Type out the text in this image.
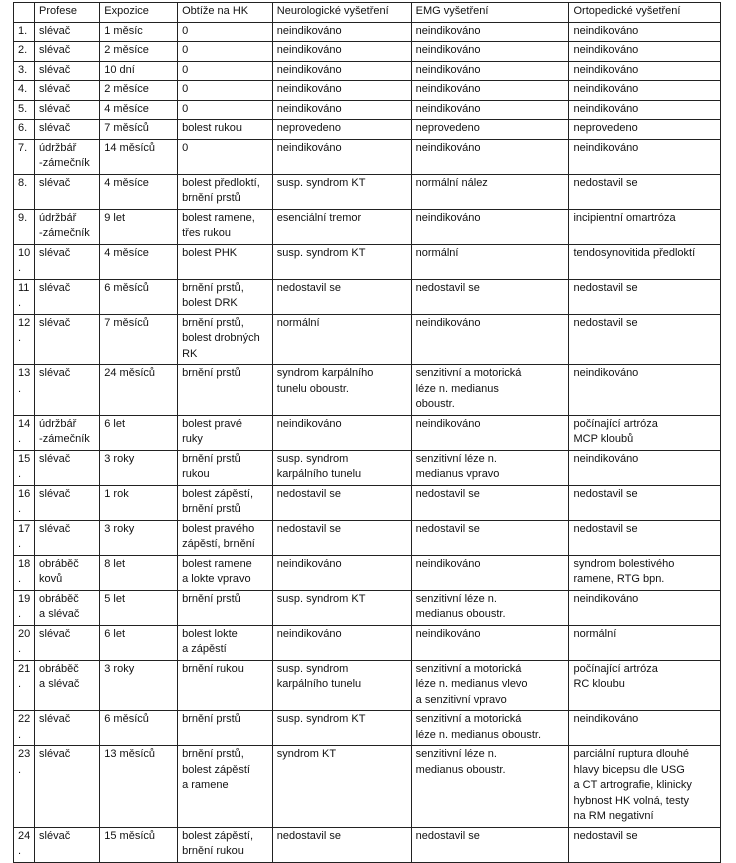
	Profese	Expozice	Obtíže na HK	Neurologické vyšetření	EMG vyšetření	Ortopedické vyšetření
1.	slévač	1 měsíc	0	neindikováno	neindikováno	neindikováno
2.	slévač	2 měsíce	0	neindikováno	neindikováno	neindikováno
3.	slévač	10 dní	0	neindikováno	neindikováno	neindikováno
4.	slévač	2 měsíce	0	neindikováno	neindikováno	neindikováno
5.	slévač	4 měsíce	0	neindikováno	neindikováno	neindikováno
6.	slévač	7 měsíců	bolest rukou	neprovedeno	neprovedeno	neprovedeno
7.	údržbář
-zámečník	14 měsíců	0	neindikováno	neindikováno	neindikováno
8.	slévač	4 měsíce	bolest předloktí,
brnění prstů	susp. syndrom KT	normální nález	nedostavil se
9.	údržbář
-zámečník	9 let	bolest ramene,
třes rukou	esenciální tremor	neindikováno	incipientní omartróza
10.	slévač	4 měsíce	bolest PHK	susp. syndrom KT	normální	tendosynovitida předloktí
11.	slévač	6 měsíců	brnění prstů,
bolest DRK	nedostavil se	nedostavil se	nedostavil se
12.	slévač	7 měsíců	brnění prstů,
bolest drobných
RK	normální	neindikováno	nedostavil se
13.	slévač	24 měsíců	brnění prstů	syndrom karpálního
tunelu oboustr.	senzitivní a motorická
léze n. medianus
oboustr.	neindikováno
14.	údržbář
-zámečník	6 let	bolest pravé
ruky	neindikováno	neindikováno	počínající artróza
MCP kloubů
15.	slévač	3 roky	brnění prstů
rukou	susp. syndrom
karpálního tunelu	senzitivní léze n.
medianus vpravo	neindikováno
16.	slévač	1 rok	bolest zápěstí,
brnění prstů	nedostavil se	nedostavil se	nedostavil se
17.	slévač	3 roky	bolest pravého
zápěstí, brnění	nedostavil se	nedostavil se	nedostavil se
18.	obráběč
kovů	8 let	bolest ramene
a lokte vpravo	neindikováno	neindikováno	syndrom bolestivého
ramene, RTG bpn.
19.	obráběč
a slévač	5 let	brnění prstů	susp. syndrom KT	senzitivní léze n.
medianus oboustr.	neindikováno
20.	slévač	6 let	bolest lokte
a zápěstí	neindikováno	neindikováno	normální
21.	obráběč
a slévač	3 roky	brnění rukou	susp. syndrom
karpálního tunelu	senzitivní a motorická
léze n. medianus vlevo
a senzitivní vpravo	počínající artróza
RC kloubu
22.	slévač	6 měsíců	brnění prstů	susp. syndrom KT	senzitivní a motorická
léze n. medianus oboustr.	neindikováno
23.	slévač	13 měsíců	brnění prstů,
bolest zápěstí
a ramene	syndrom KT	senzitivní léze n.
medianus oboustr.	parciální ruptura dlouhé
hlavy bicepsu dle USG
a CT artrografie, klinicky
hybnost HK volná, testy
na RM negativní
24.	slévač	15 měsíců	bolest zápěstí,
brnění rukou	nedostavil se	nedostavil se	nedostavil se
